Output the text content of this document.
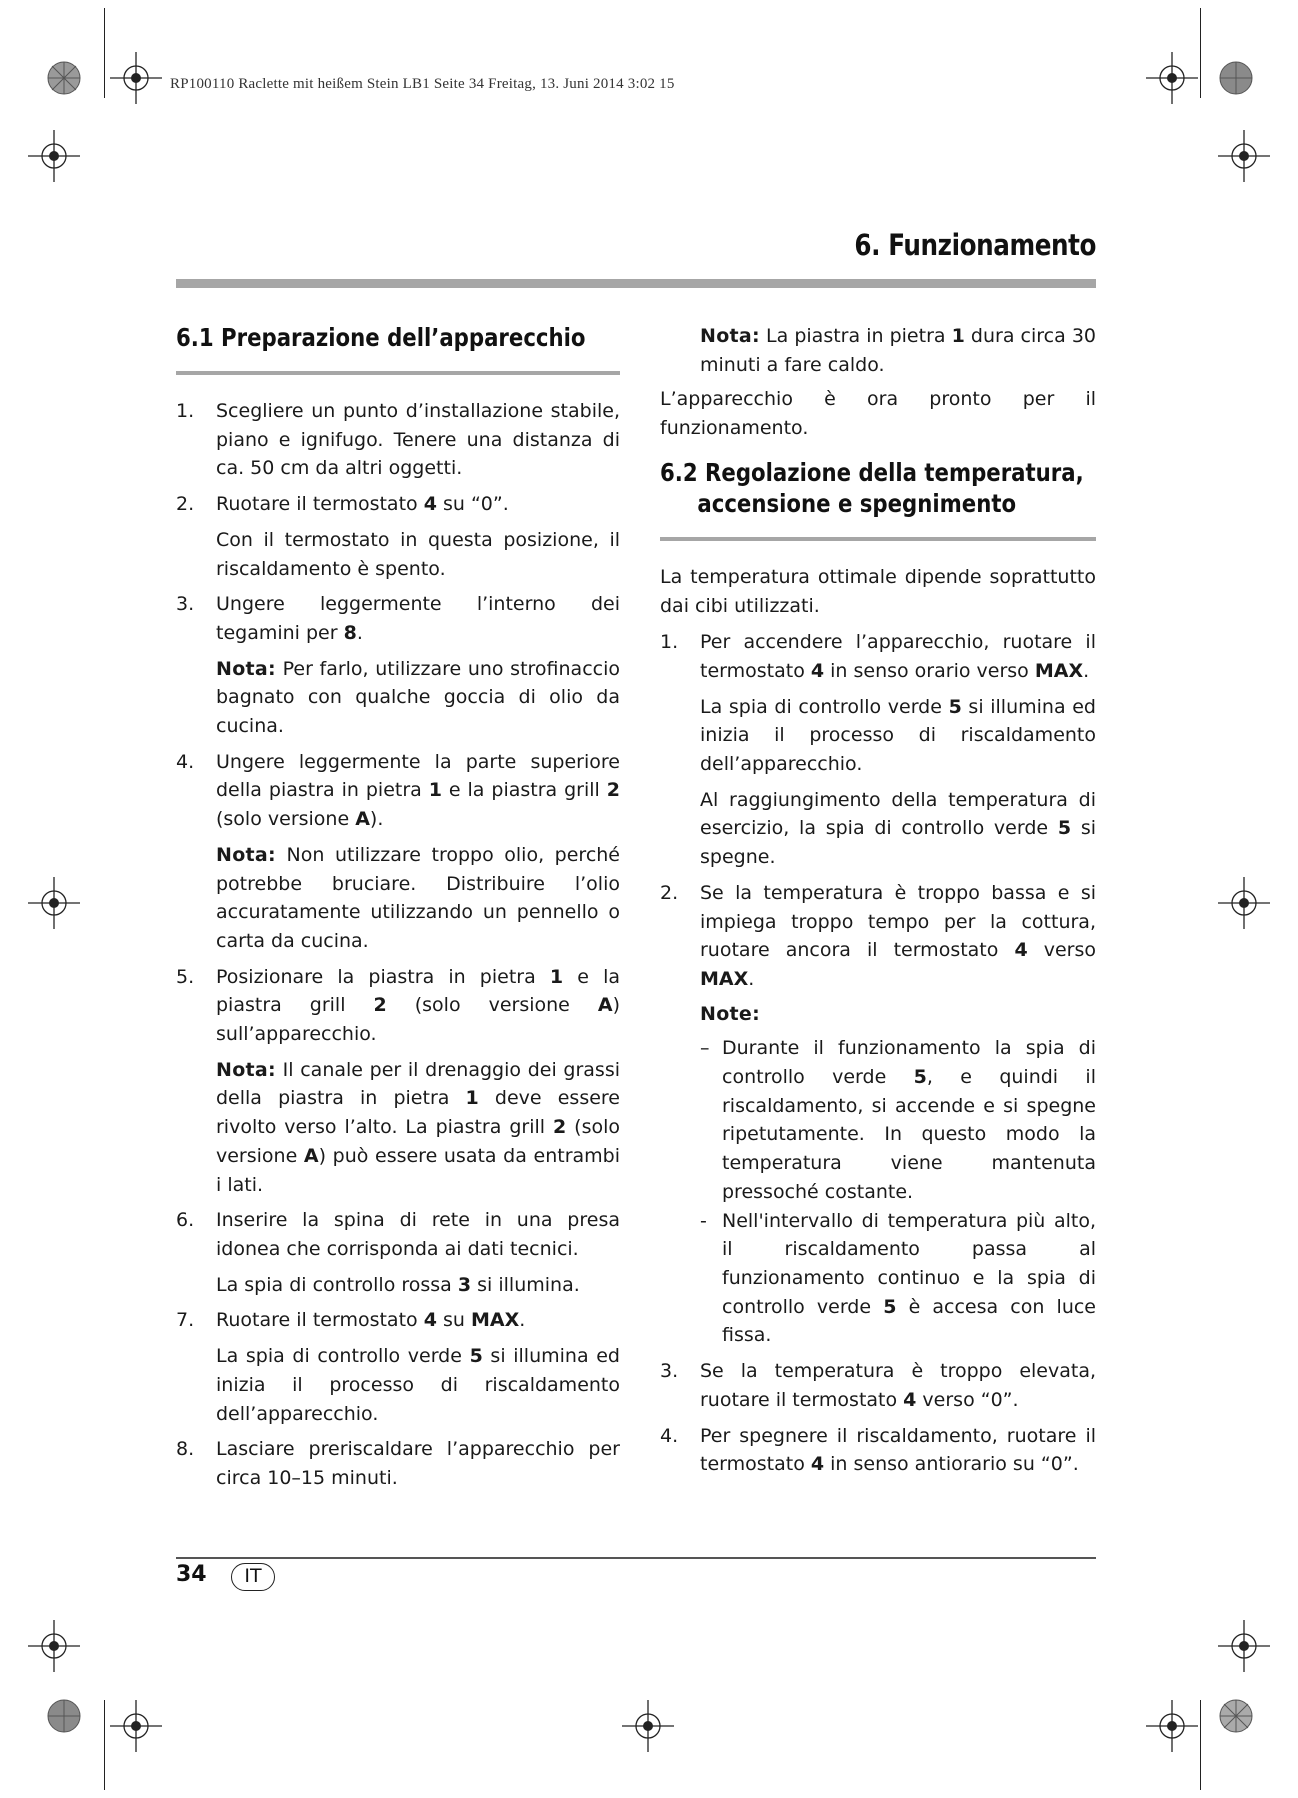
RP100110 Raclette mit heißem Stein LB1 Seite 34 Freitag, 13. Juni 2014 3:02 15
6. Funzionamento
6.1 Preparazione dell’apparecchio
1.	Scegliere un punto d’installazione stabile, piano e ignifugo. Tenere una distanza di ca. 50 cm da altri oggetti.

2.	Ruotare il termostato 4 su “0”.

Con il termostato in questa posizione, il riscaldamento è spento.

3.	Ungere leggermente l’interno dei tegamini per 8.

Nota: Per farlo, utilizzare uno strofinaccio bagnato con qualche goccia di olio da cucina.

4.	Ungere leggermente la parte superiore della piastra in pietra 1 e la piastra grill 2 (solo versione A).

Nota: Non utilizzare troppo olio, perché potrebbe bruciare. Distribuire l’olio accuratamente utilizzando un pennello o carta da cucina.

5.	Posizionare la piastra in pietra 1 e la piastra grill 2 (solo versione A) sull’apparecchio.

Nota: Il canale per il drenaggio dei grassi della piastra in pietra 1 deve essere rivolto verso l’alto. La piastra grill 2 (solo versione A) può essere usata da entrambi i lati.

6.	Inserire la spina di rete in una presa idonea che corrisponda ai dati tecnici.

La spia di controllo rossa 3 si illumina.

7.	Ruotare il termostato 4 su MAX.

La spia di controllo verde 5 si illumina ed inizia il processo di riscaldamento dell’apparecchio.

8.	Lasciare preriscaldare l’apparecchio per circa 10–15 minuti.

Nota: La piastra in pietra 1 dura circa 30 minuti a fare caldo.

L’apparecchio è ora pronto per il funzionamento.

6.2 Regolazione della temperatura,
accensione e spegnimento

La temperatura ottimale dipende soprattutto dai cibi utilizzati.

1.	Per accendere l’apparecchio, ruotare il termostato 4 in senso orario verso MAX.

La spia di controllo verde 5 si illumina ed inizia il processo di riscaldamento dell’apparecchio.

Al raggiungimento della temperatura di esercizio, la spia di controllo verde 5 si spegne.

2.	Se la temperatura è troppo bassa e si impiega troppo tempo per la cottura, ruotare ancora il termostato 4 verso MAX.

Note:

– Durante il funzionamento la spia di controllo verde 5, e quindi il riscaldamento, si accende e si spegne ripetutamente. In questo modo la temperatura viene mantenuta pressoché costante.
- Nell'intervallo di temperatura più alto, il riscaldamento passa al funzionamento continuo e la spia di controllo verde 5 è accesa con luce fissa.
3.	Se la temperatura è troppo elevata, ruotare il termostato 4 verso “0”.

4.	Per spegnere il riscaldamento, ruotare il termostato 4 in senso antiorario su “0”.

34	IT
